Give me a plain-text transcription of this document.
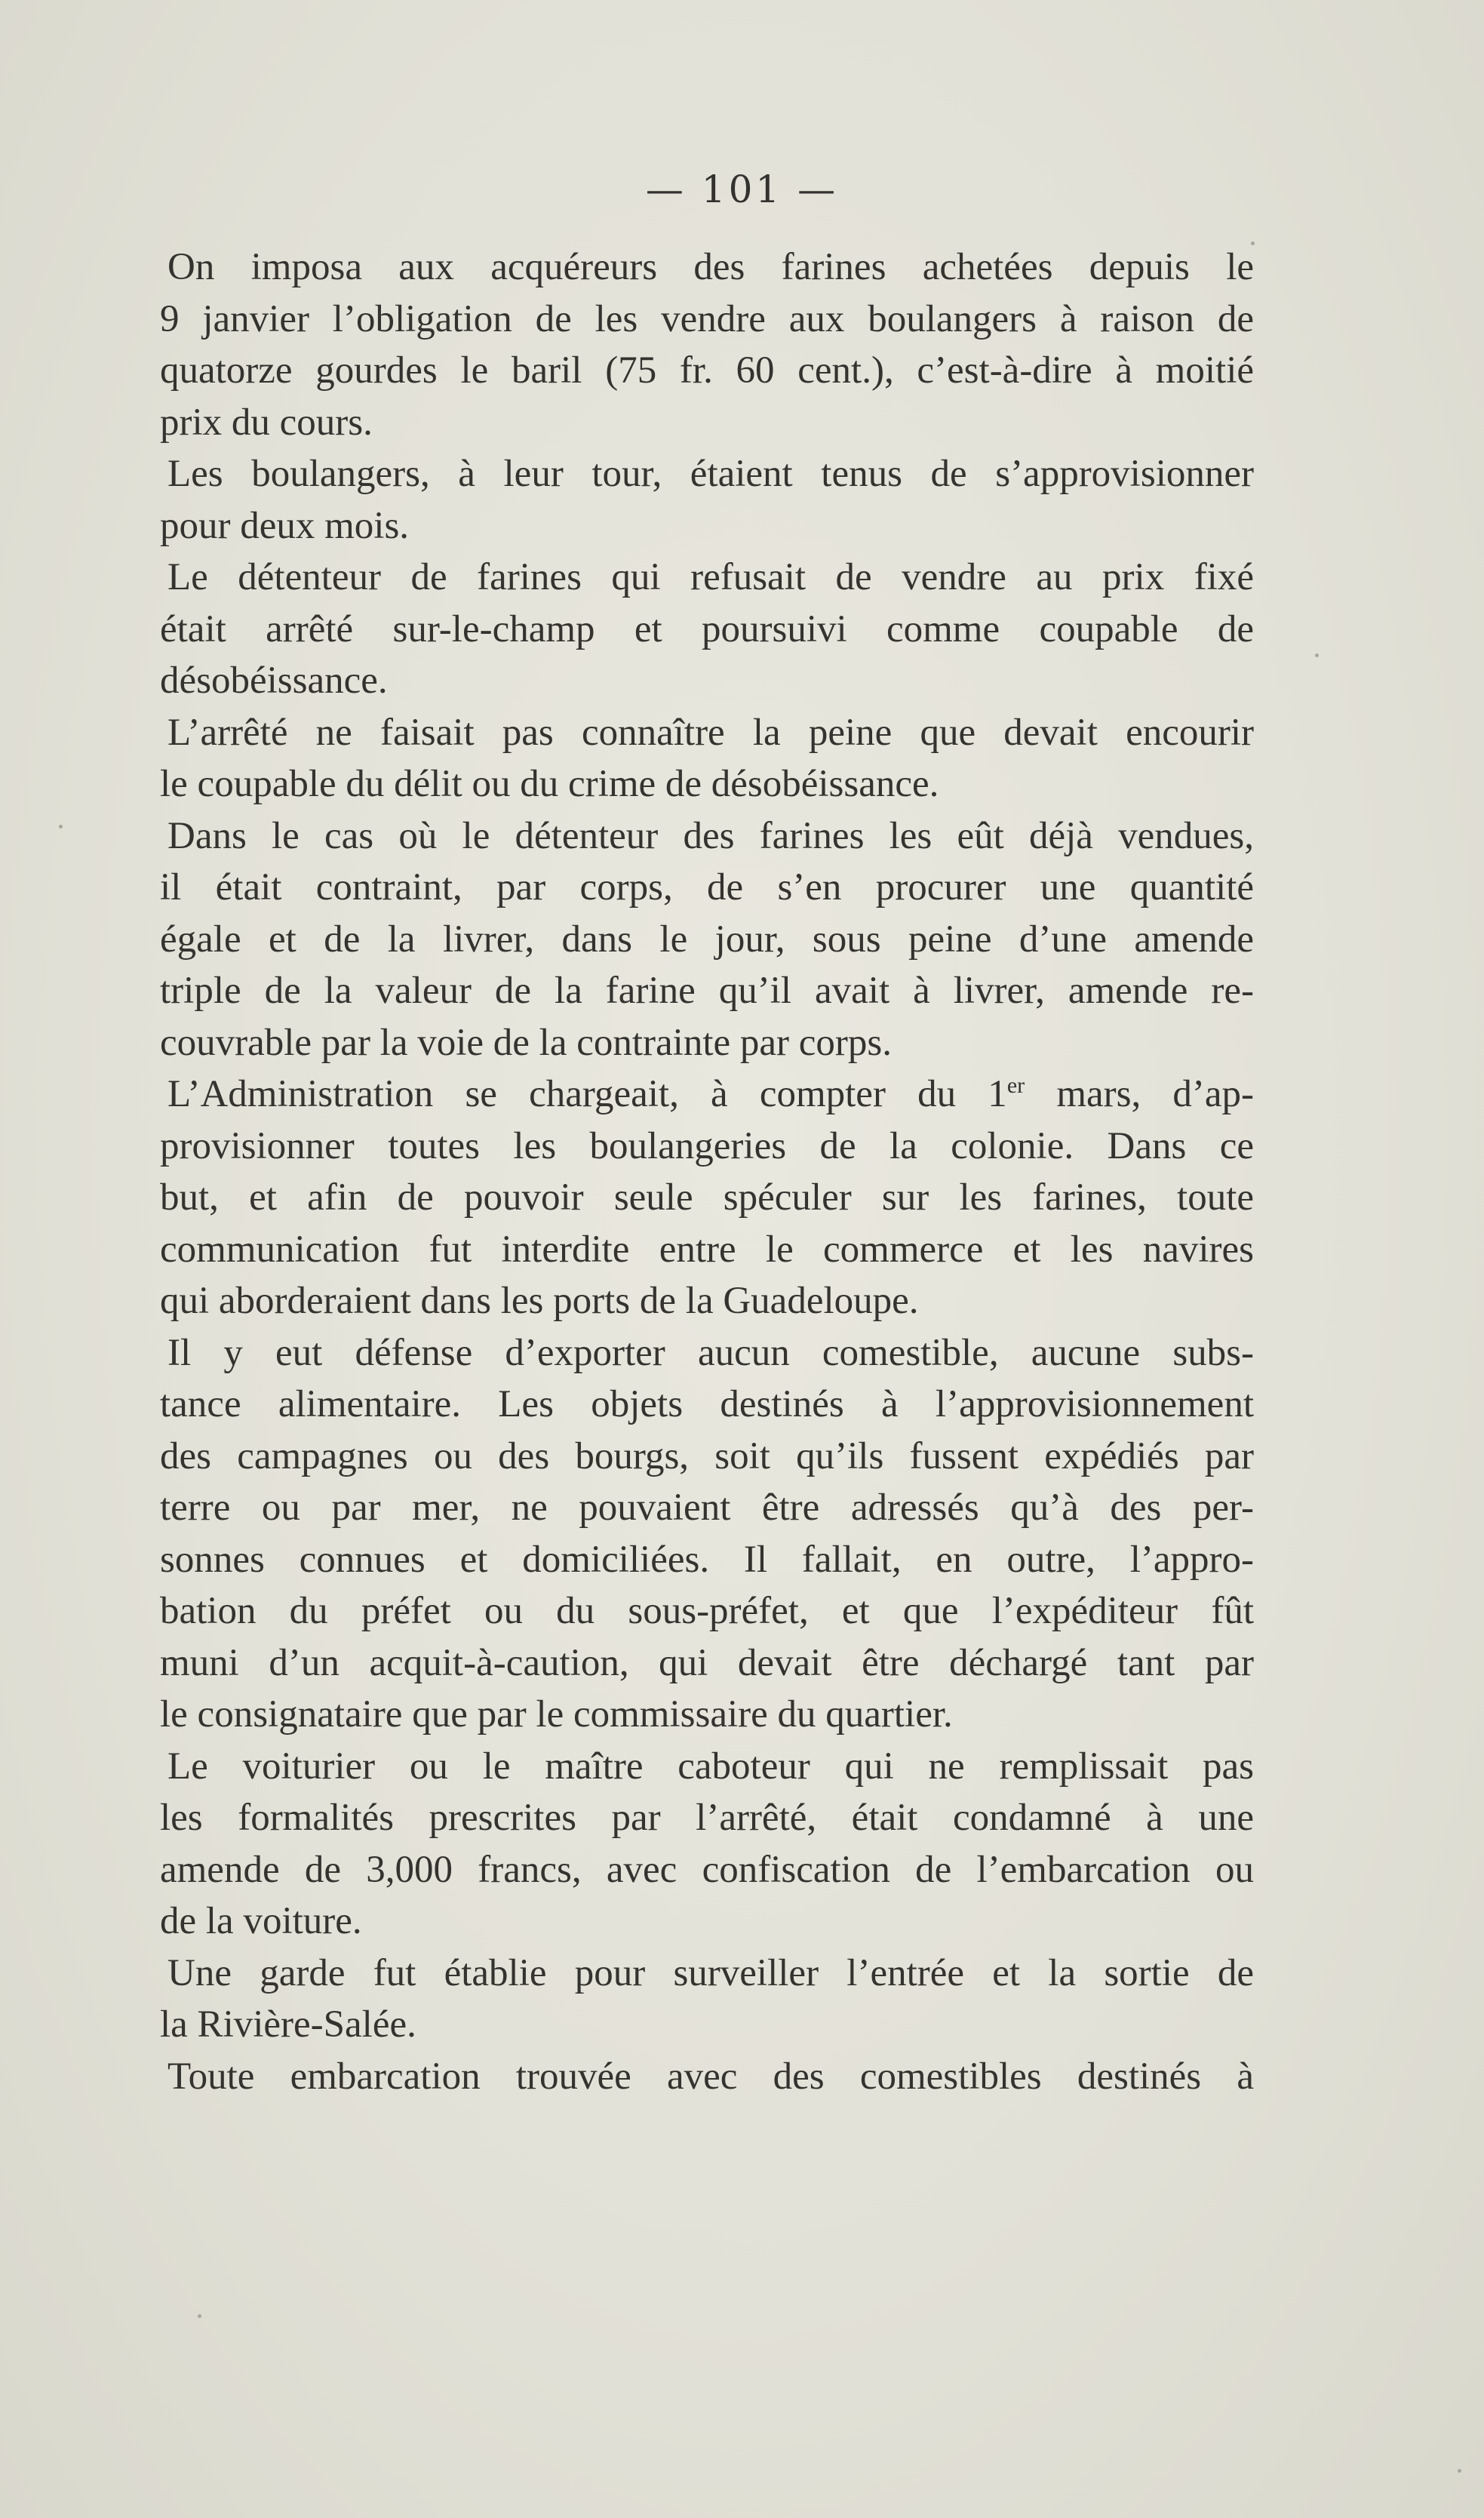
— 101 —

On imposa aux acquéreurs des farines achetées depuis le
9 janvier l’obligation de les vendre aux boulangers à raison de
quatorze gourdes le baril (75 fr. 60 cent.), c’est-à-dire à moitié
prix du cours.

Les boulangers, à leur tour, étaient tenus de s’approvisionner
pour deux mois.

Le détenteur de farines qui refusait de vendre au prix fixé
était arrêté sur-le-champ et poursuivi comme coupable de
désobéissance.

L’arrêté ne faisait pas connaître la peine que devait encourir
le coupable du délit ou du crime de désobéissance.

Dans le cas où le détenteur des farines les eût déjà vendues,
il était contraint, par corps, de s’en procurer une quantité
égale et de la livrer, dans le jour, sous peine d’une amende
triple de la valeur de la farine qu’il avait à livrer, amende re-
couvrable par la voie de la contrainte par corps.

L’Administration se chargeait, à compter du 1er mars, d’ap-
provisionner toutes les boulangeries de la colonie. Dans ce
but, et afin de pouvoir seule spéculer sur les farines, toute
communication fut interdite entre le commerce et les navires
qui aborderaient dans les ports de la Guadeloupe.

Il y eut défense d’exporter aucun comestible, aucune subs-
tance alimentaire. Les objets destinés à l’approvisionnement
des campagnes ou des bourgs, soit qu’ils fussent expédiés par
terre ou par mer, ne pouvaient être adressés qu’à des per-
sonnes connues et domiciliées. Il fallait, en outre, l’appro-
bation du préfet ou du sous-préfet, et que l’expéditeur fût
muni d’un acquit-à-caution, qui devait être déchargé tant par
le consignataire que par le commissaire du quartier.

Le voiturier ou le maître caboteur qui ne remplissait pas
les formalités prescrites par l’arrêté, était condamné à une
amende de 3,000 francs, avec confiscation de l’embarcation ou
de la voiture.

Une garde fut établie pour surveiller l’entrée et la sortie de
la Rivière-Salée.

Toute embarcation trouvée avec des comestibles destinés à
